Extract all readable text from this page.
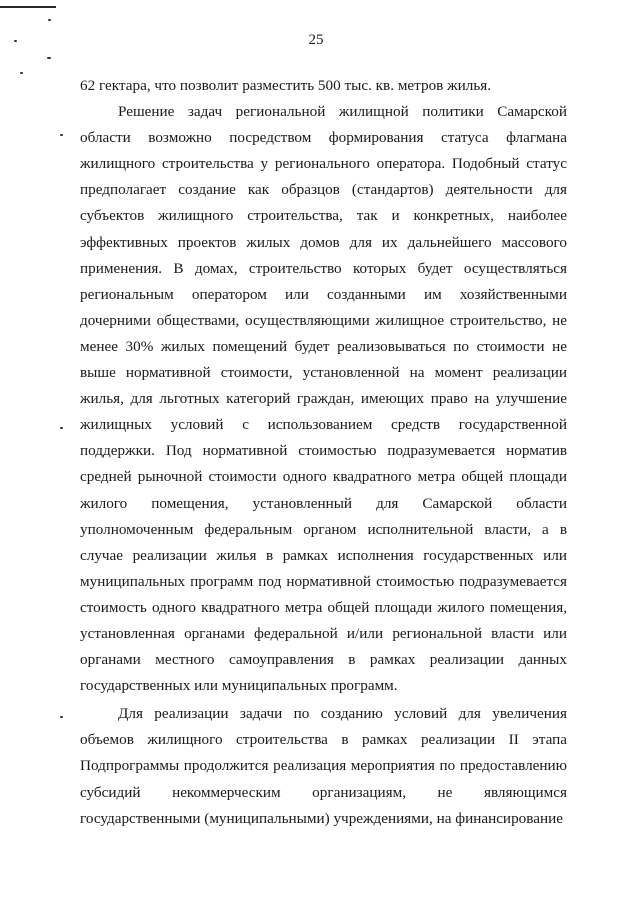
25

62 гектара, что позволит разместить 500 тыс. кв. метров жилья.

Решение задач региональной жилищной политики Самарской области возможно посредством формирования статуса флагмана жилищного строительства у регионального оператора. Подобный статус предполагает создание как образцов (стандартов) деятельности для субъектов жилищного строительства, так и конкретных, наиболее эффективных проектов жилых домов для их дальнейшего массового применения. В домах, строительство которых будет осуществляться региональным оператором или созданными им хозяйственными дочерними обществами, осуществляющими жилищное строительство, не менее 30% жилых помещений будет реализовываться по стоимости не выше нормативной стоимости, установленной на момент реализации жилья, для льготных категорий граждан, имеющих право на улучшение жилищных условий с использованием средств государственной поддержки. Под нормативной стоимостью подразумевается норматив средней рыночной стоимости одного квадратного метра общей площади жилого помещения, установленный для Самарской области уполномоченным федеральным органом исполнительной власти, а в случае реализации жилья в рамках исполнения государственных или муниципальных программ под нормативной стоимостью подразумевается стоимость одного квадратного метра общей площади жилого помещения, установленная органами федеральной и/или региональной власти или органами местного самоуправления в рамках реализации данных государственных или муниципальных программ.

Для реализации задачи по созданию условий для увеличения объемов жилищного строительства в рамках реализации II этапа Подпрограммы продолжится реализация мероприятия по предоставлению субсидий некоммерческим организациям, не являющимся государственными (муниципальными) учреждениями, на финансирование
